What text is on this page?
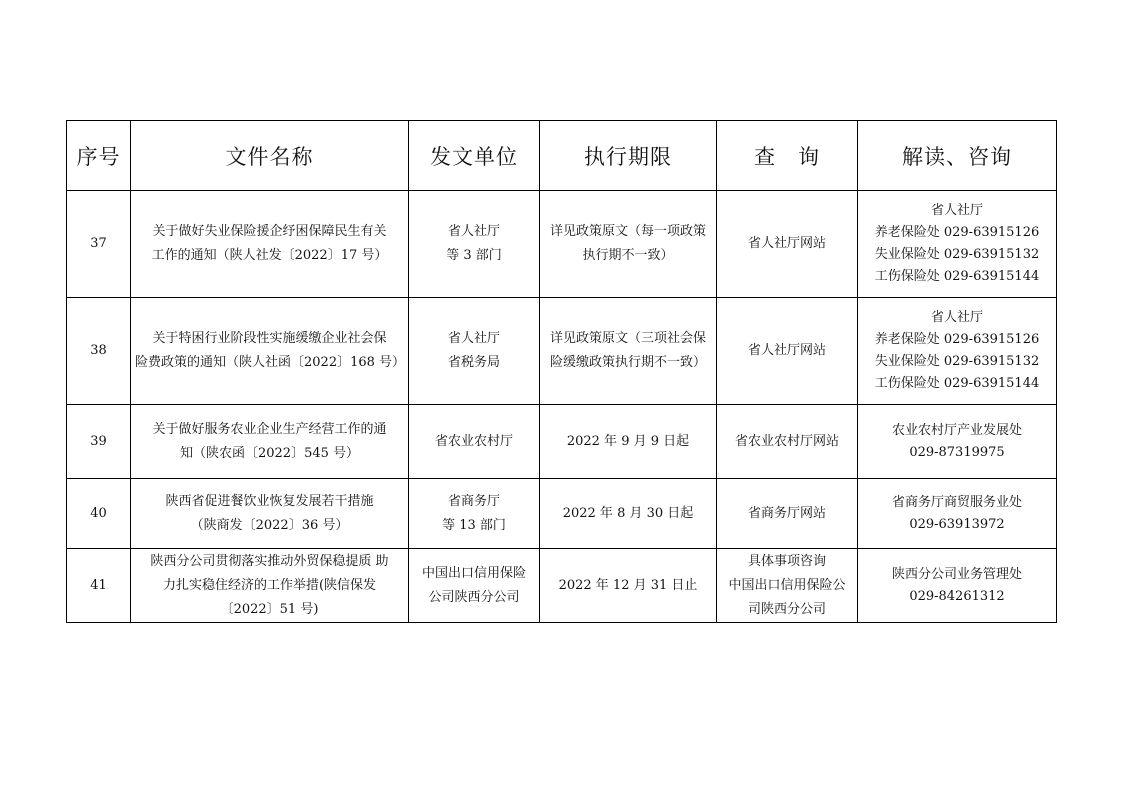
序号	文件名称	发文单位	执行期限	查　询	解读、咨询
37	关于做好失业保险援企纾困保障民生有关
工作的通知（陕人社发〔2022〕17 号）	省人社厅
等 3 部门	详见政策原文（每一项政策
执行期不一致）	省人社厅网站	省人社厅
养老保险处 029-63915126
失业保险处 029-63915132
工伤保险处 029-63915144

38	关于特困行业阶段性实施缓缴企业社会保
险费政策的通知（陕人社函〔2022〕168 号）	省人社厅
省税务局	详见政策原文（三项社会保
险缓缴政策执行期不一致）	省人社厅网站	省人社厅
养老保险处 029-63915126
失业保险处 029-63915132
工伤保险处 029-63915144

39	关于做好服务农业企业生产经营工作的通
知（陕农函〔2022〕545 号）	省农业农村厅	2022 年 9 月 9 日起	省农业农村厅网站	农业农村厅产业发展处
029-87319975

40	陕西省促进餐饮业恢复发展若干措施
（陕商发〔2022〕36 号）	省商务厅
等 13 部门	2022 年 8 月 30 日起	省商务厅网站	省商务厅商贸服务业处
029-63913972

41	陕西分公司贯彻落实推动外贸保稳提质 助
力扎实稳住经济的工作举措(陕信保发
〔2022〕51 号)	中国出口信用保险
公司陕西分公司	2022 年 12 月 31 日止	具体事项咨询
中国出口信用保险公
司陕西分公司	陕西分公司业务管理处
029-84261312
